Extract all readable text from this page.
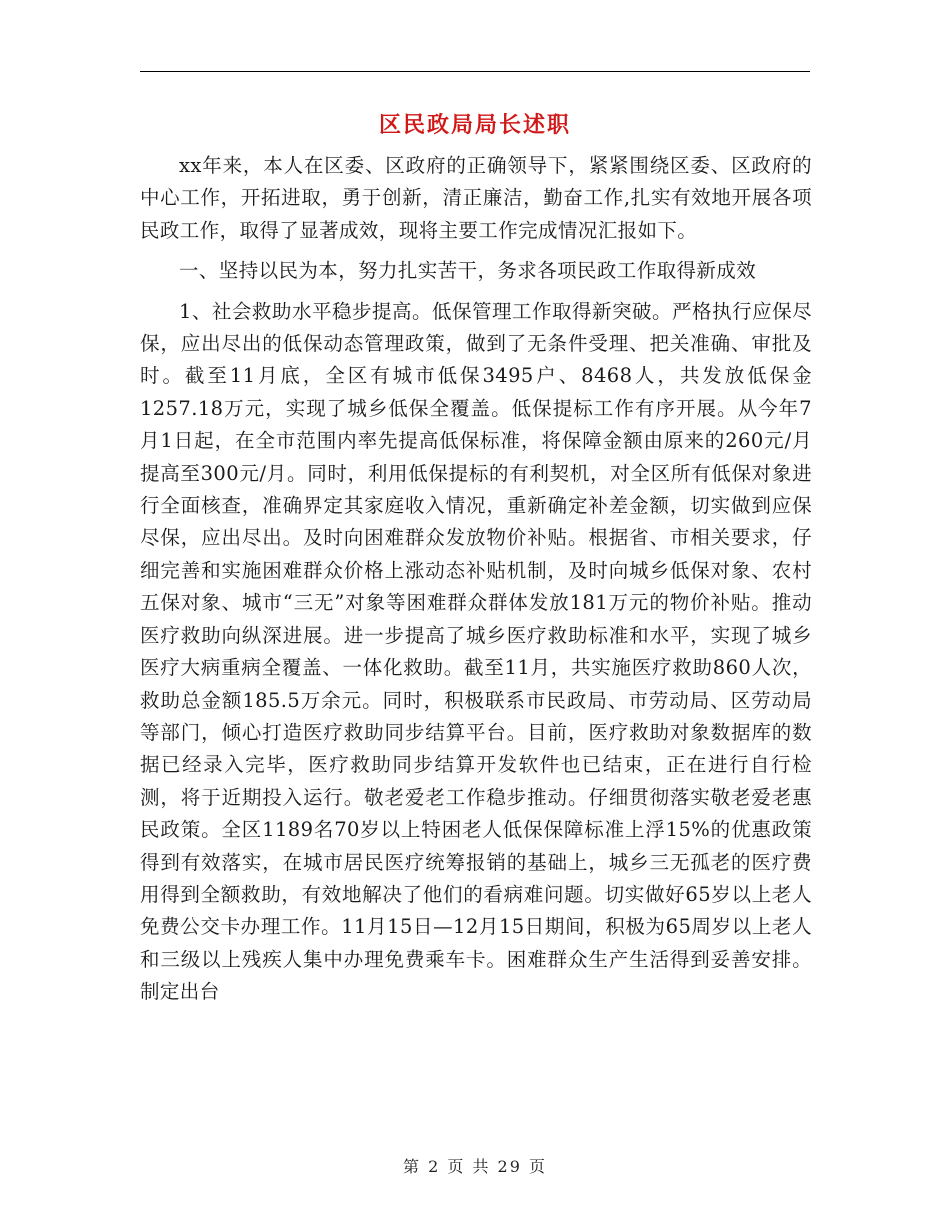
区民政局局长述职

xx年来，本人在区委、区政府的正确领导下，紧紧围绕区委、区政府的中心工作，开拓进取，勇于创新，清正廉洁，勤奋工作,扎实有效地开展各项民政工作，取得了显著成效，现将主要工作完成情况汇报如下。

一、坚持以民为本，努力扎实苦干，务求各项民政工作取得新成效

1、社会救助水平稳步提高。低保管理工作取得新突破。严格执行应保尽保，应出尽出的低保动态管理政策，做到了无条件受理、把关准确、审批及时。截至11月底，全区有城市低保3495户、8468人，共发放低保金1257.18万元，实现了城乡低保全覆盖。低保提标工作有序开展。从今年7月1日起，在全市范围内率先提高低保标准，将保障金额由原来的260元/月提高至300元/月。同时，利用低保提标的有利契机，对全区所有低保对象进行全面核查，准确界定其家庭收入情况，重新确定补差金额，切实做到应保尽保，应出尽出。及时向困难群众发放物价补贴。根据省、市相关要求，仔细完善和实施困难群众价格上涨动态补贴机制，及时向城乡低保对象、农村五保对象、城市“三无”对象等困难群众群体发放181万元的物价补贴。推动医疗救助向纵深进展。进一步提高了城乡医疗救助标准和水平，实现了城乡医疗大病重病全覆盖、一体化救助。截至11月，共实施医疗救助860人次，救助总金额185.5万余元。同时，积极联系市民政局、市劳动局、区劳动局等部门，倾心打造医疗救助同步结算平台。目前，医疗救助对象数据库的数据已经录入完毕，医疗救助同步结算开发软件也已结束，正在进行自行检测，将于近期投入运行。敬老爱老工作稳步推动。仔细贯彻落实敬老爱老惠民政策。全区1189名70岁以上特困老人低保保障标准上浮15%的优惠政策得到有效落实，在城市居民医疗统筹报销的基础上，城乡三无孤老的医疗费用得到全额救助，有效地解决了他们的看病难问题。切实做好65岁以上老人免费公交卡办理工作。11月15日—12月15日期间，积极为65周岁以上老人和三级以上残疾人集中办理免费乘车卡。困难群众生产生活得到妥善安排。制定出台

第 2 页 共 29 页
